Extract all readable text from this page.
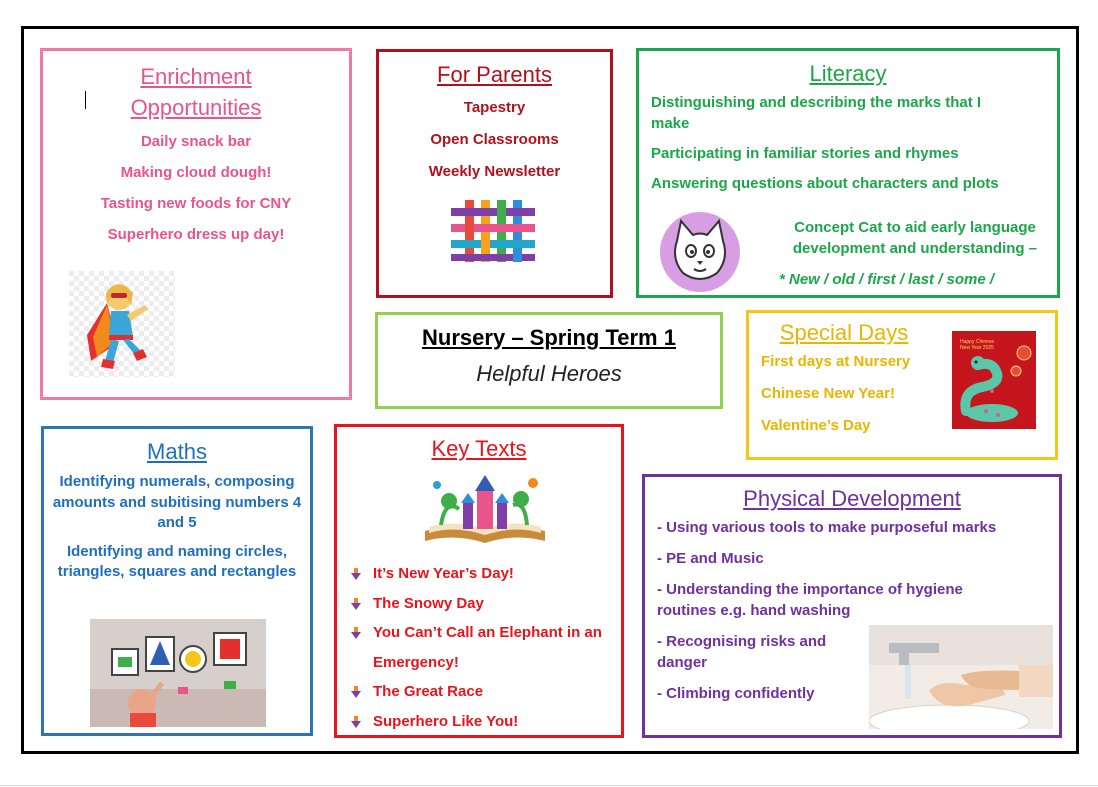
Enrichment
Opportunities
Daily snack bar
Making cloud dough!
Tasting new foods for CNY
Superhero dress up day!
For Parents
Tapestry
Open Classrooms
Weekly Newsletter
Literacy
Distinguishing and describing the marks that I make
Participating in familiar stories and rhymes
Answering questions about characters and plots
Concept Cat to aid early language development and understanding –
* New / old / first / last / some /
Nursery – Spring Term 1
Helpful Heroes
Special Days
First days at Nursery
Chinese New Year!
Valentine’s Day
Happy Chinese
New Year 2025
Maths
Identifying numerals, composing amounts and subitising numbers 4 and 5
Identifying and naming circles, triangles, squares and rectangles
Key Texts
It’s New Year’s Day!
The Snowy Day
You Can’t Call an Elephant in an Emergency!
The Great Race
Superhero Like You!
Physical Development
- Using various tools to make purposeful marks
- PE and Music
- Understanding the importance of hygiene routines e.g. hand washing
- Recognising risks and danger
- Climbing confidently
